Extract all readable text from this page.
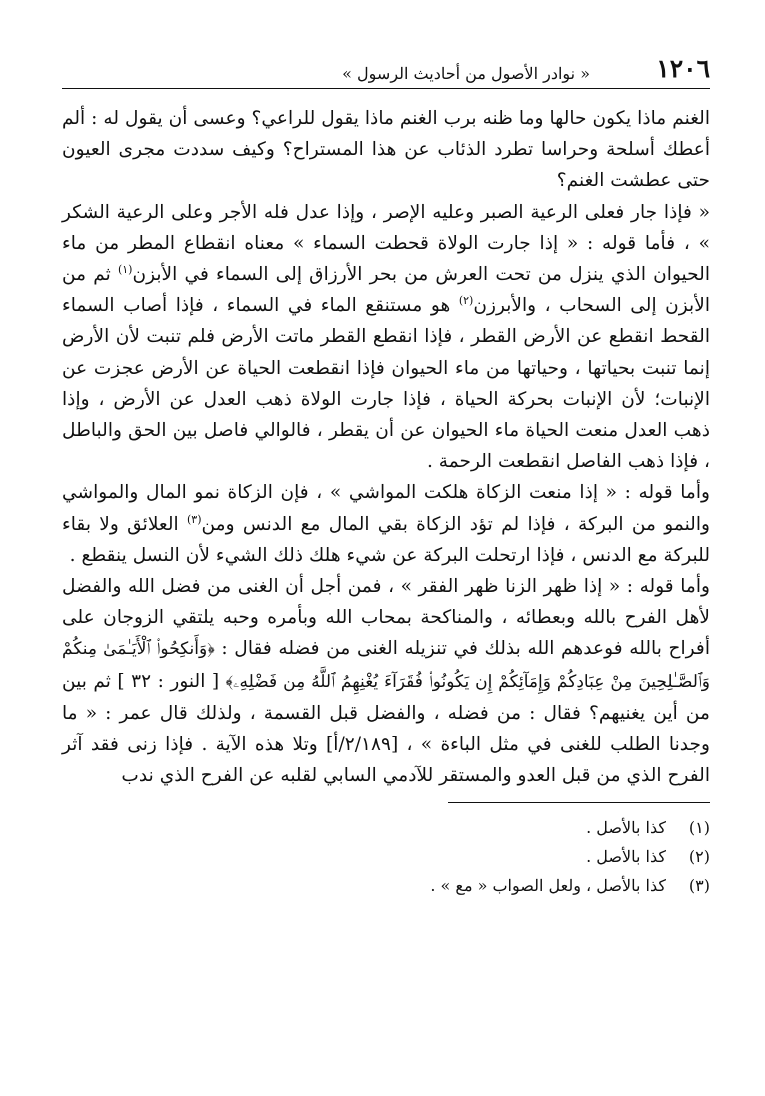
١٢٠٦
« نوادر الأصول من أحاديث الرسول »

الغنم ماذا يكون حالها وما ظنه برب الغنم ماذا يقول للراعي؟ وعسى أن يقول له : ألم أعطك أسلحة وحراسا تطرد الذئاب عن هذا المستراح؟ وكيف سددت مجرى العيون حتى عطشت الغنم؟

« فإذا جار فعلى الرعية الصبر وعليه الإصر ، وإذا عدل فله الأجر وعلى الرعية الشكر » ، فأما قوله : « إذا جارت الولاة قحطت السماء » معناه انقطاع المطر من ماء الحيوان الذي ينزل من تحت العرش من بحر الأرزاق إلى السماء في الأبزن$^{(١)}$ ثم من الأبزن إلى السحاب ، والأبرزن$^{(٢)}$ هو مستنقع الماء في السماء ، فإذا أصاب السماء القحط انقطع عن الأرض القطر ، فإذا انقطع القطر ماتت الأرض فلم تنبت لأن الأرض إنما تنبت بحياتها ، وحياتها من ماء الحيوان فإذا انقطعت الحياة عن الأرض عجزت عن الإنبات؛ لأن الإنبات بحركة الحياة ، فإذا جارت الولاة ذهب العدل عن الأرض ، وإذا ذهب العدل منعت الحياة ماء الحيوان عن أن يقطر ، فالوالي فاصل بين الحق والباطل ، فإذا ذهب الفاصل انقطعت الرحمة .

وأما قوله : « إذا منعت الزكاة هلكت المواشي » ، فإن الزكاة نمو المال والمواشي والنمو من البركة ، فإذا لم تؤد الزكاة بقي المال مع الدنس ومن$^{(٣)}$ العلائق ولا بقاء للبركة مع الدنس ، فإذا ارتحلت البركة عن شيء هلك ذلك الشيء لأن النسل ينقطع .

وأما قوله : « إذا ظهر الزنا ظهر الفقر » ، فمن أجل أن الغنى من فضل الله والفضل لأهل الفرح بالله وبعطائه ، والمناكحة بمحاب الله وبأمره وحبه يلتقي الزوجان على أفراح بالله فوعدهم الله بذلك في تنزيله الغنى من فضله فقال : ﴿وَأَنكِحُوا۟ ٱلْأَيَـٰمَىٰ مِنكُمْ وَٱلصَّـٰلِحِينَ مِنْ عِبَادِكُمْ وَإِمَآئِكُمْ إِن يَكُونُوا۟ فُقَرَآءَ يُغْنِهِمُ ٱللَّهُ مِن فَضْلِهِۦ﴾ [ النور : ٣٢ ] ثم بين من أين يغنيهم؟ فقال : من فضله ، والفضل قبل القسمة ، ولذلك قال عمر : « ما وجدنا الطلب للغنى في مثل الباءة » ، [٢/١٨٩/أ] وتلا هذه الآية . فإذا زنى فقد آثر الفرح الذي من قبل العدو والمستقر للآدمي السابي لقلبه عن الفرح الذي ندب

(١)
كذا بالأصل .
(٢)
كذا بالأصل .
(٣)
كذا بالأصل ، ولعل الصواب « مع » .
